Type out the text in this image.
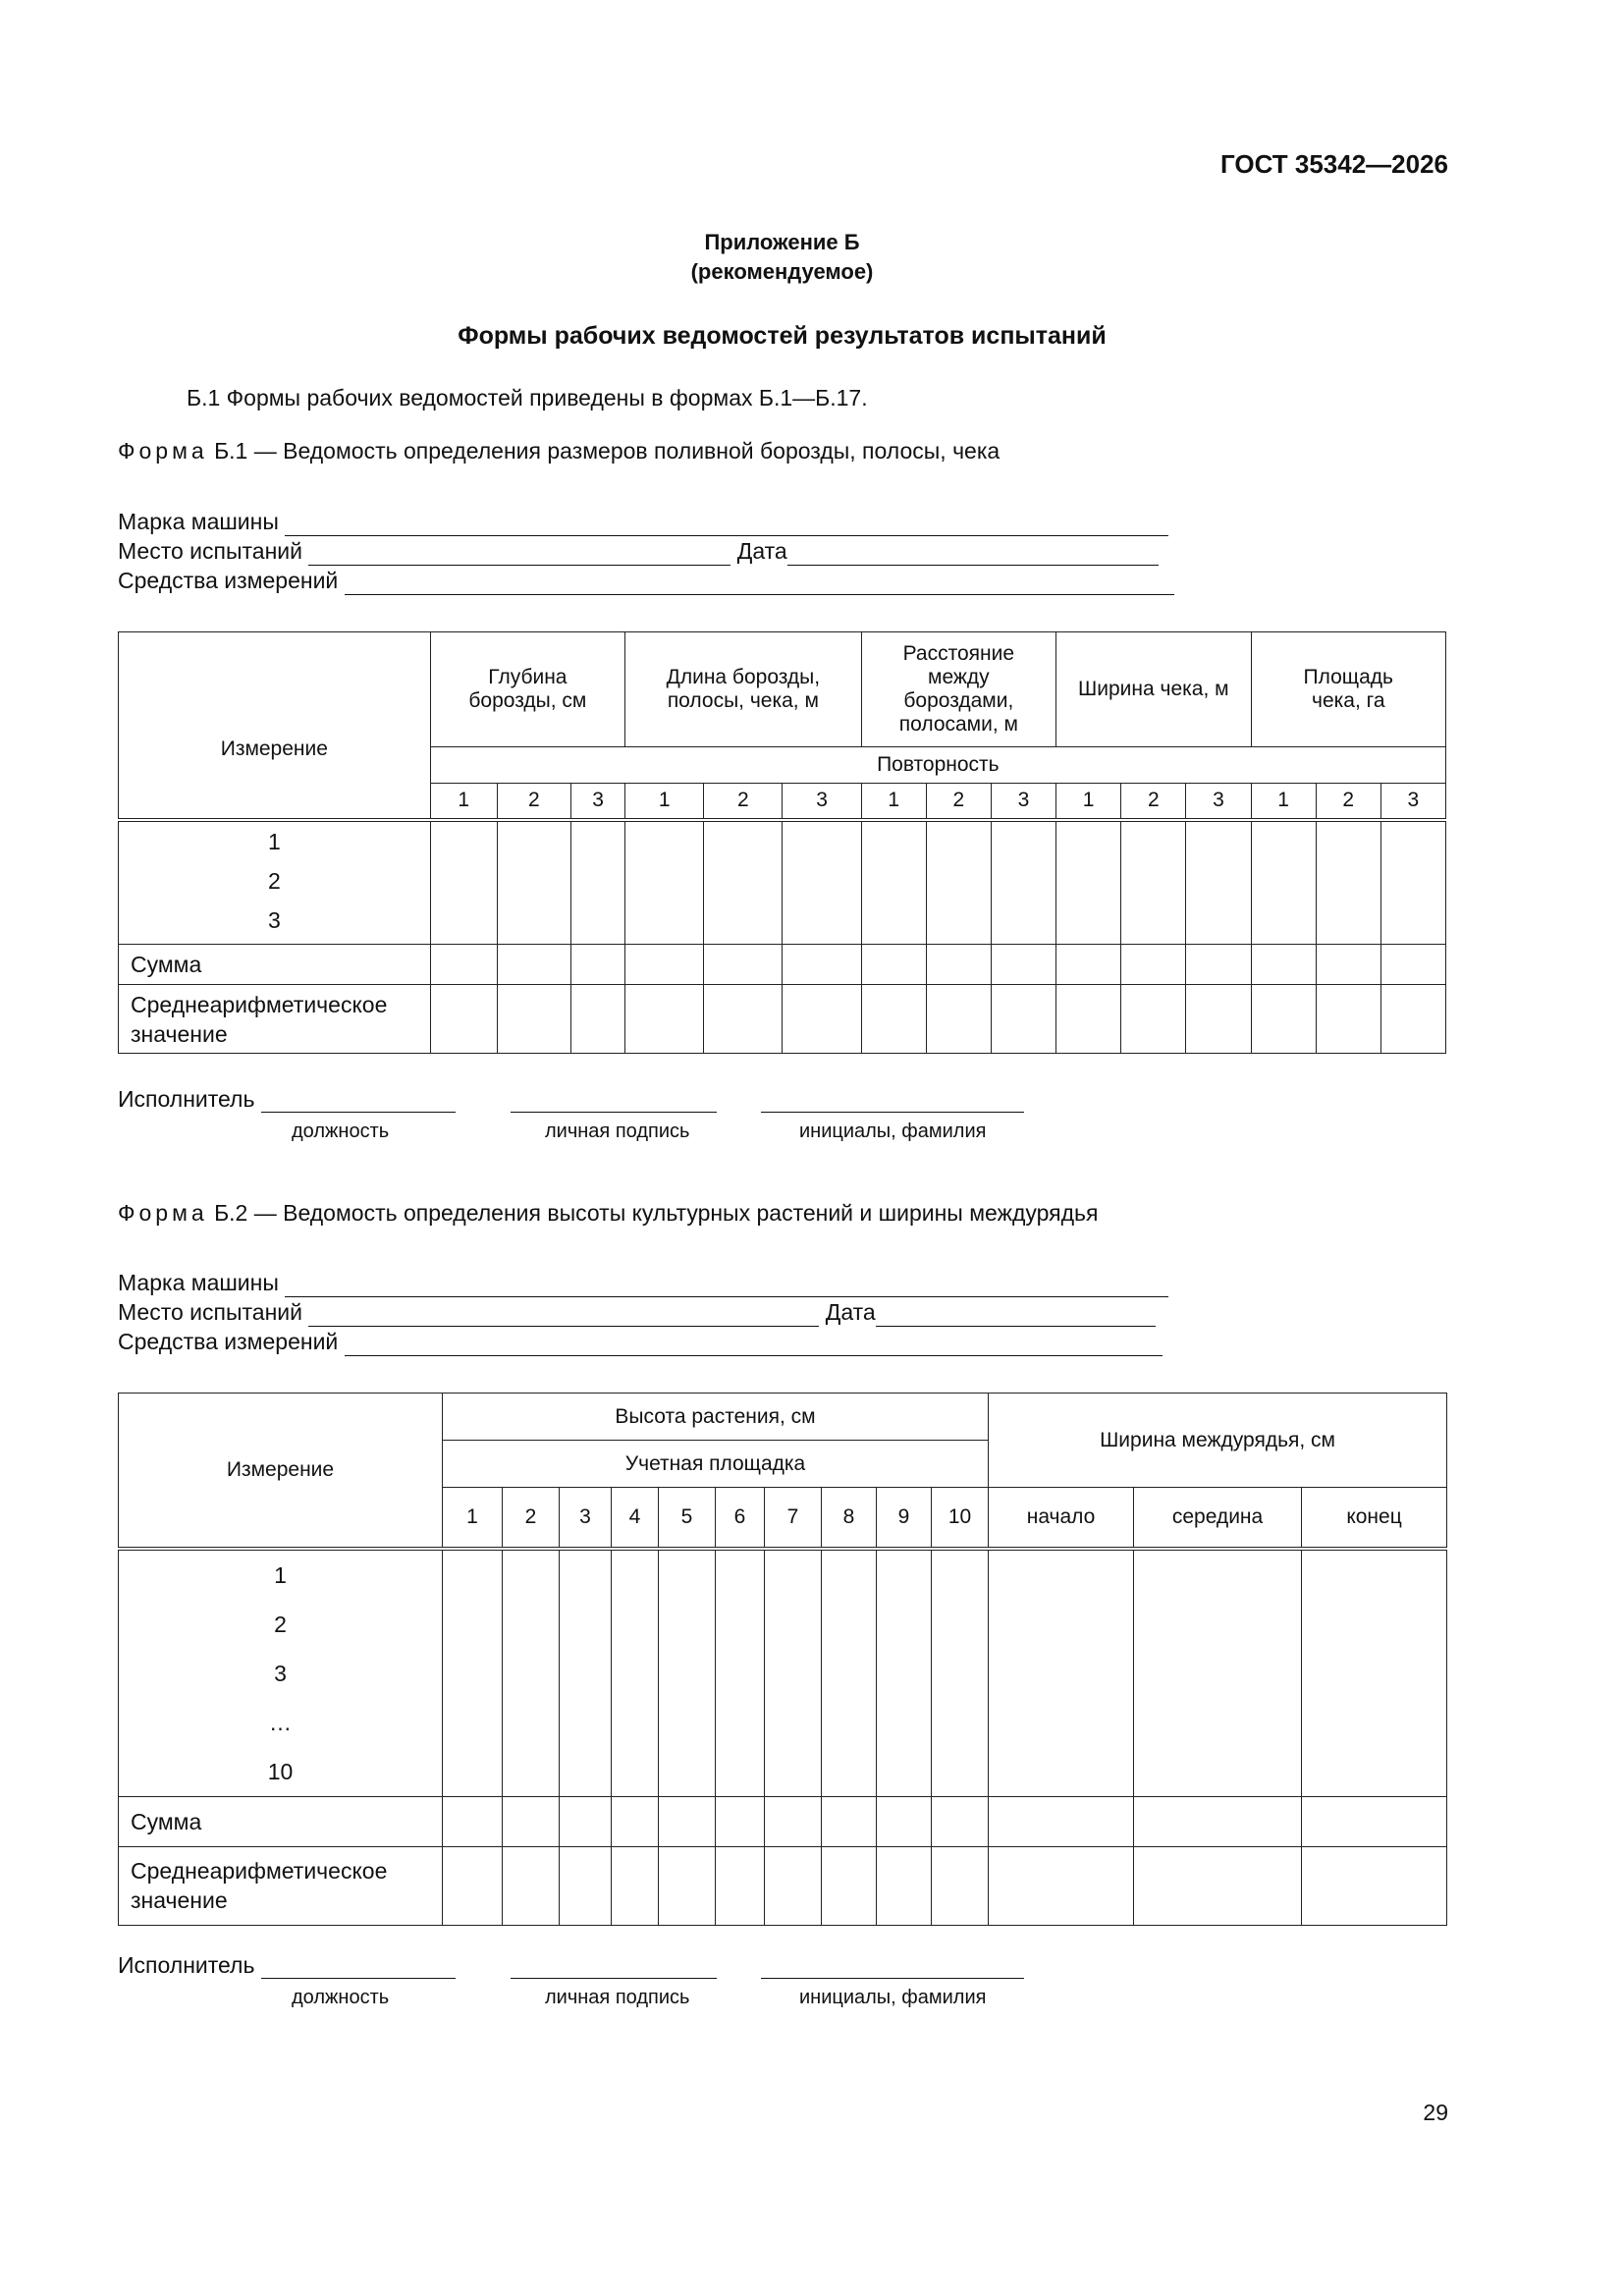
ГОСТ 35342—2026
Приложение Б
(рекомендуемое)
Формы рабочих ведомостей результатов испытаний
Б.1 Формы рабочих ведомостей приведены в формах Б.1—Б.17.
Форма Б.1 — Ведомость определения размеров поливной борозды, полосы, чека
Марка машины
Место испытаний	Дата
Средства измерений
Измерение	Глубина борозды, см			Длина борозды, полосы, чека, м			Расстояние между бороздами, полосами, м			Ширина чека, м			Площадь чека, га		
	Повторность														
	1	2	3	1	2	3	1	2	3	1	2	3	1	2	3

1
2
3															

Сумма															
Среднеарифметическое значение															
Исполнитель
должность	личная подпись	инициалы, фамилия
Форма Б.2 — Ведомость определения высоты культурных растений и ширины междурядья
Марка машины
Место испытаний	Дата
Средства измерений
Измерение	Высота растения, см										Ширина междурядья, см		
	Учетная площадка												
	1	2	3	4	5	6	7	8	9	10	начало	середина	конец

1
2
3
…
10													

Сумма													
Среднеарифметическое значение													
Исполнитель
должность	личная подпись	инициалы, фамилия
29
